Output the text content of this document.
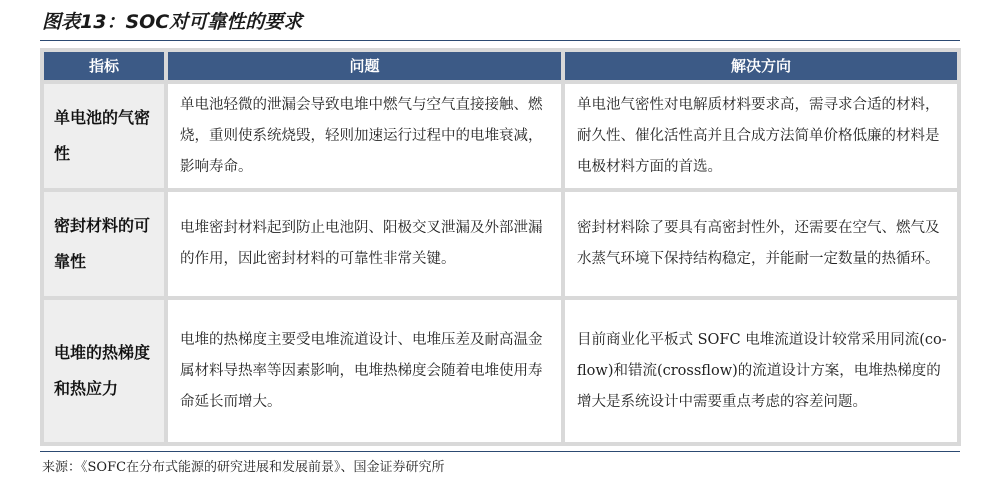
图表13：SOC对可靠性的要求
指标	问题	解决方向
单电池的气密性

单电池轻微的泄漏会导致电堆中燃气与空气直接接触、燃烧，重则使系统烧毁，轻则加速运行过程中的电堆衰减，影响寿命。

单电池气密性对电解质材料要求高，需寻求合适的材料，耐久性、催化活性高并且合成方法简单价格低廉的材料是电极材料方面的首选。

密封材料的可靠性

电堆密封材料起到防止电池阴、阳极交叉泄漏及外部泄漏的作用，因此密封材料的可靠性非常关键。

密封材料除了要具有高密封性外，还需要在空气、燃气及水蒸气环境下保持结构稳定，并能耐一定数量的热循环。

电堆的热梯度和热应力

电堆的热梯度主要受电堆流道设计、电堆压差及耐高温金属材料导热率等因素影响，电堆热梯度会随着电堆使用寿命延长而增大。

目前商业化平板式 SOFC 电堆流道设计较常采用同流(co-flow)和错流(crossflow)的流道设计方案，电堆热梯度的增大是系统设计中需要重点考虑的容差问题。

来源：《SOFC在分布式能源的研究进展和发展前景》、国金证券研究所
